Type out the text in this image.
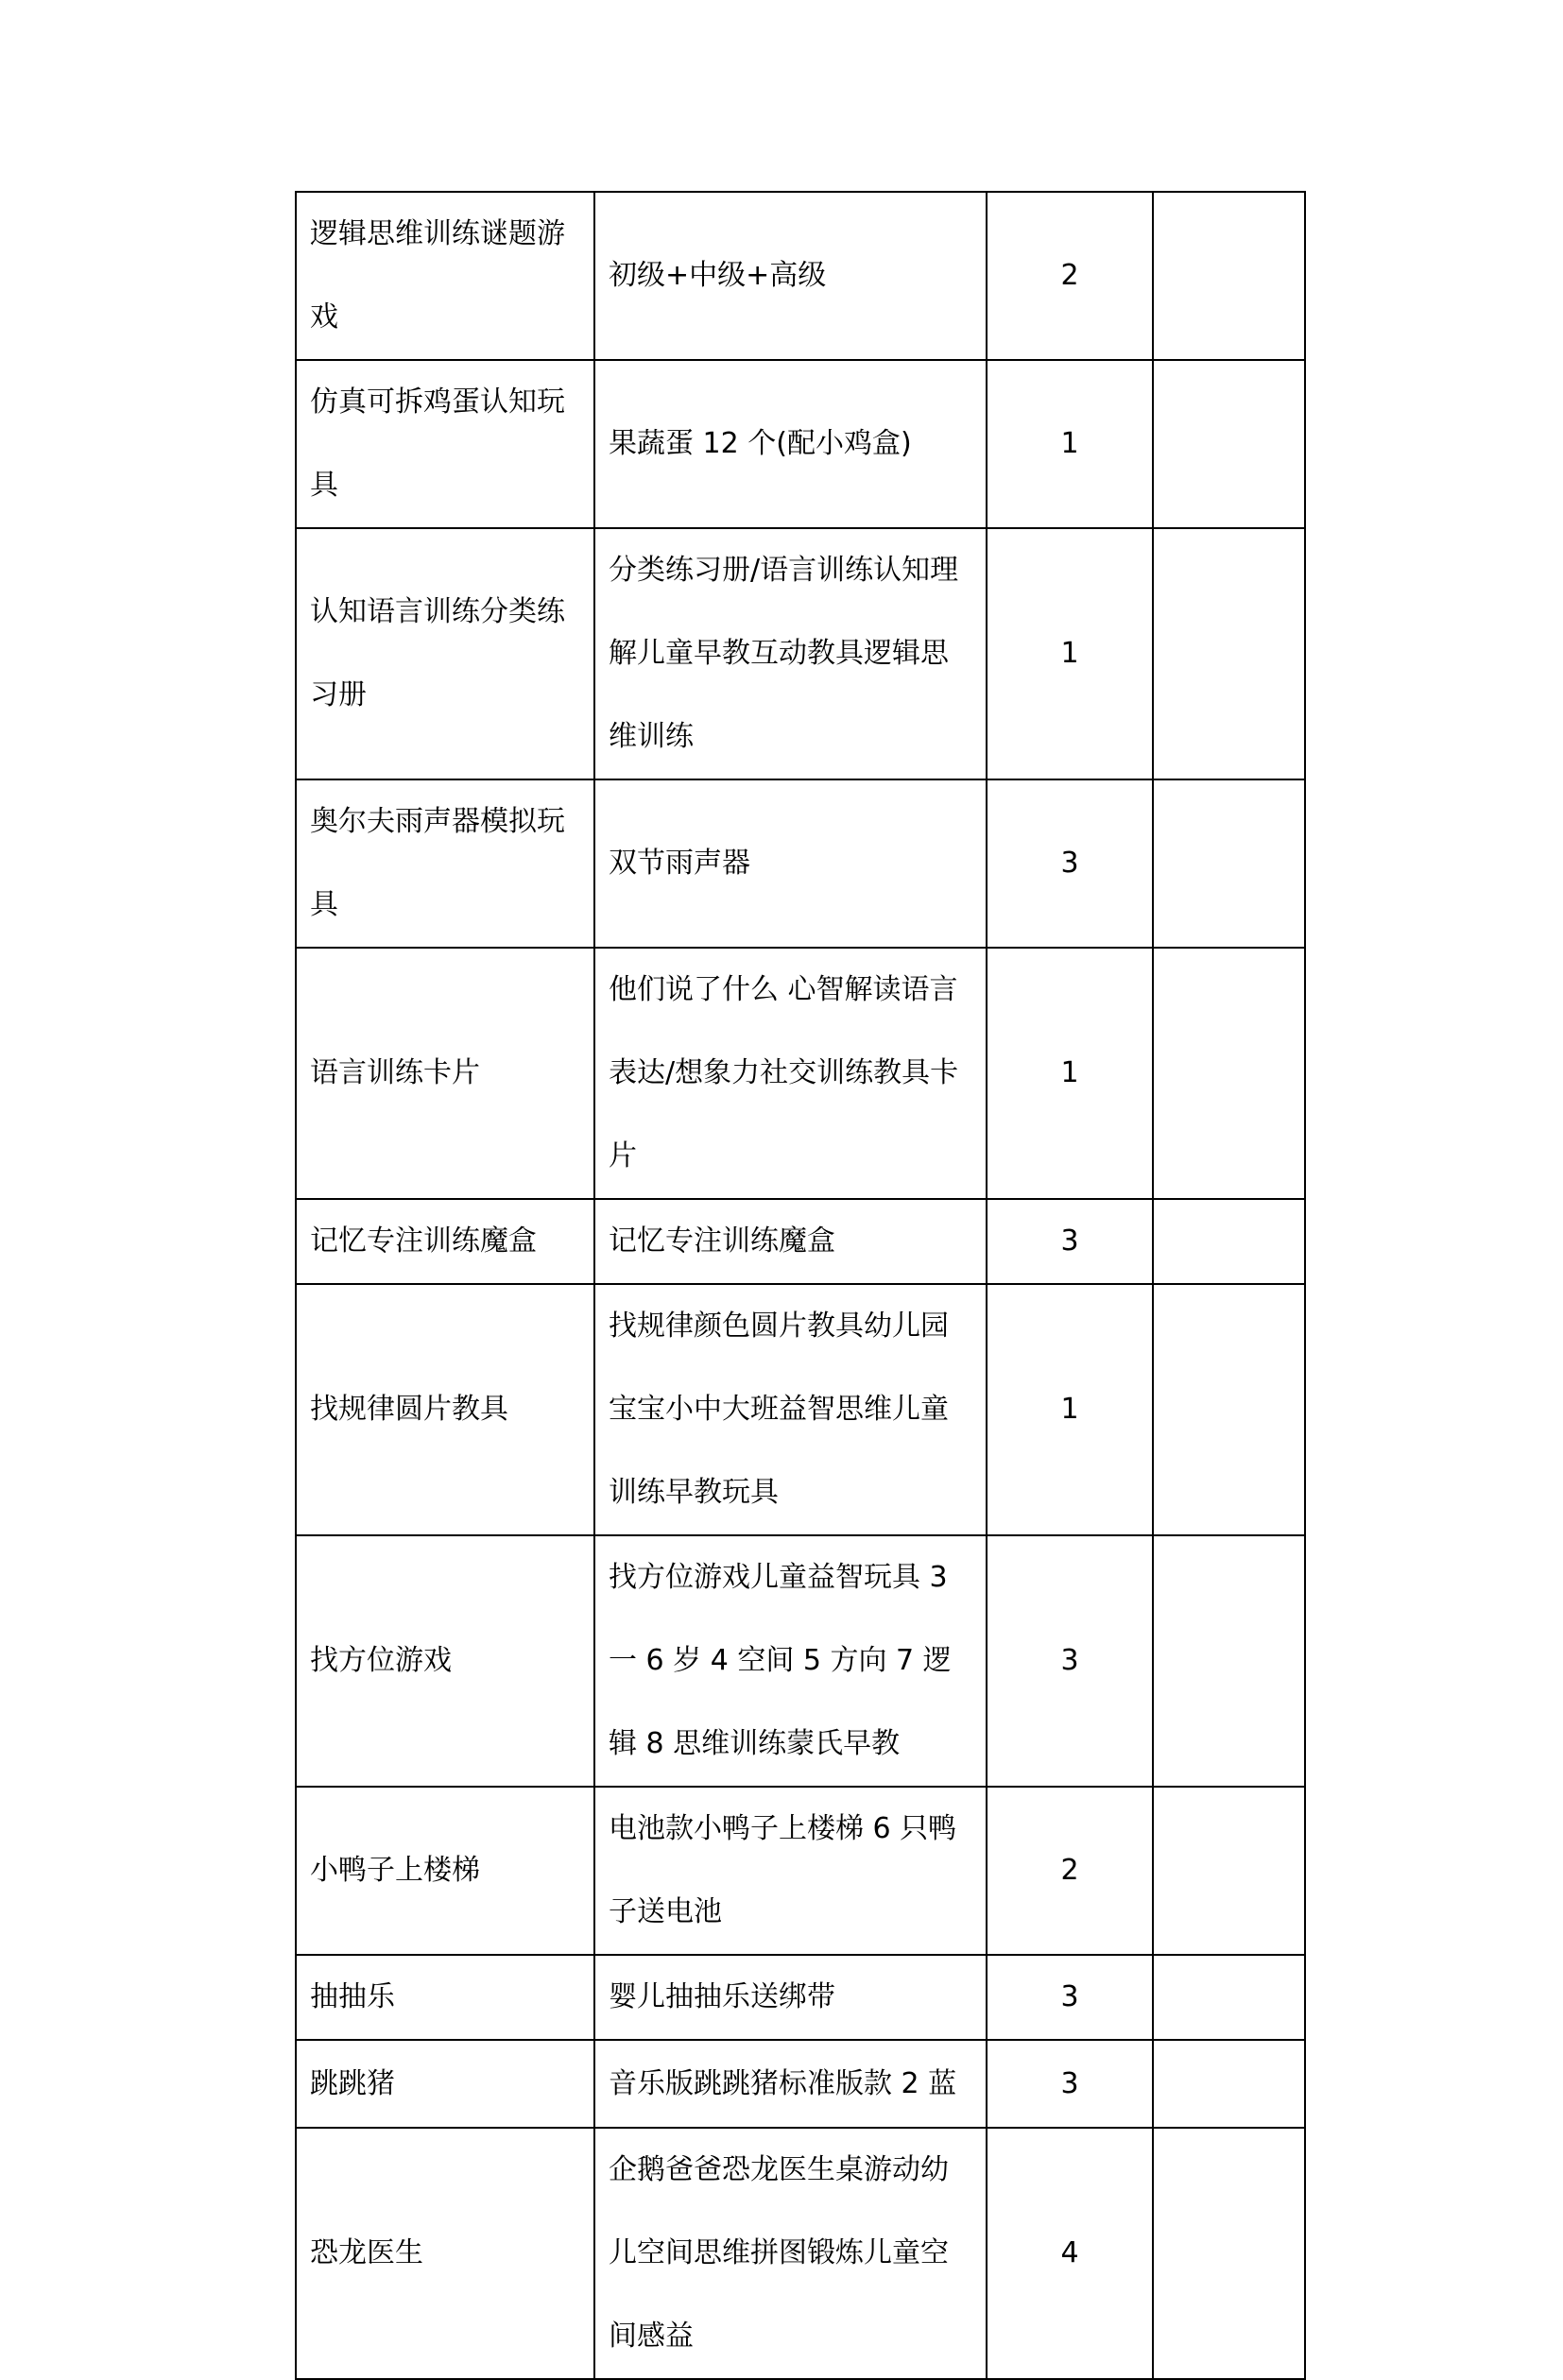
逻辑思维训练谜题游戏	初级+中级+高级	2	
仿真可拆鸡蛋认知玩具	果蔬蛋 12 个(配小鸡盒)	1	
认知语言训练分类练习册	分类练习册/语言训练认知理解儿童早教互动教具逻辑思维训练	1	
奥尔夫雨声器模拟玩具	双节雨声器	3	
语言训练卡片	他们说了什么 心智解读语言表达/想象力社交训练教具卡片	1	
记忆专注训练魔盒	记忆专注训练魔盒	3	
找规律圆片教具	找规律颜色圆片教具幼儿园宝宝小中大班益智思维儿童训练早教玩具	1	
找方位游戏	找方位游戏儿童益智玩具 3 一 6 岁 4 空间 5 方向 7 逻辑 8 思维训练蒙氏早教	3	
小鸭子上楼梯	电池款小鸭子上楼梯 6 只鸭子送电池	2	
抽抽乐	婴儿抽抽乐送绑带	3	
跳跳猪	音乐版跳跳猪标准版款 2 蓝	3	
恐龙医生	企鹅爸爸恐龙医生桌游动幼儿空间思维拼图锻炼儿童空间感益	4	
